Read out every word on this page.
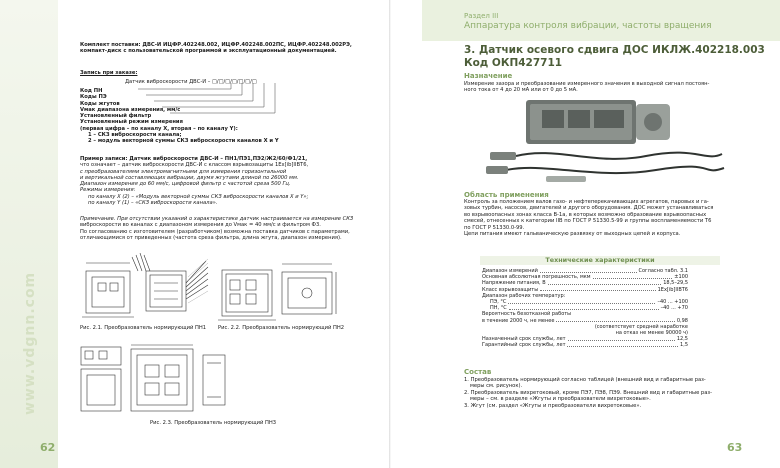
www.vdgnn.com
62
Комплект поставки: ДВС-И ИЦФР.402248.002, ИЦФР.402248.002ПС, ИЦФР.402248.002РЭ,
компакт-диск с пользовательской программой и эксплуатационный документацией.
Запись при заказе:
Датчик виброскорости ДВС-И – □/□/□/□/□/□/□
Код ПН
Коды ПЭ
Коды жгутов
Vмак диапазона измерения, мм/с
Установленный фильтр
Установленный режим измерения
(первая цифра – по каналу Х, вторая – по каналу Y):
1 – СКЗ виброскорости канала;
2 – модуль векторной суммы СКЗ виброскорости каналов Х и Y
Пример записи: Датчик виброскорости ДВС-И – ПН1/ПЭ1,ПЭ2/Ж2/60/Ф1/21,
что означает – датчик виброскорости ДВС-И с классом взрывозащиты 1Ex[ib]IIBT6,
с преобразователями электромагнитными для измерения горизонтальной
и вертикальной составляющих вибрации, двумя жгутами длиной по 26000 мм.
Диапазон измерения до 60 мм/с, цифровой фильтр с частотой среза 500 Гц.
Режимы измерения:
по каналу Х (2) – «Модуль векторной суммы СКЗ виброскорости каналов Х и Y»;
по каналу Y (1) – «СКЗ виброскорости канала».
Примечание. При отсутствии указаний о характеристике датчик настраивается на измерение СКЗ
виброскорости во каналах с диапазоном измерения до Vмак = 40 мм/с и фильтром Ф3.
По согласованию с изготовителем (разработчиком) возможна поставка датчиков с параметрами,
отличающимися от приведенных (частота среза фильтра, длина жгута, диапазон измерения).
Рис. 2.1. Преобразователь нормирующий ПН1 Рис. 2.2. Преобразователь нормирующий ПН2
Рис. 2.3. Преобразователь нормирующий ПН3
Раздел III
Аппаратура контроля вибрации, частоты вращения
3. Датчик осевого сдвига ДОС ИКЛЖ.402218.003
Код ОКП427711
Назначение
Измерение зазора и преобразование измеренного значения в выходной сигнал постоян-
ного тока от 4 до 20 мА или от 0 до 5 мА.
Область применения
Контроль за положением валов газо- и нефтеперекачивающих агрегатов, паровых и га-
зовых турбин, насосов, двигателей и другого оборудования. ДОС может устанавливаться
во взрывоопасных зонах класса В-1а, в которых возможно образование взрывоопасных
смесей, отнесенных к категории IIВ по ГОСТ Р 51330.5-99 и группы воспламеняемости Т6
по ГОСТ Р 51330.0-99.
Цепи питания имеют гальваническую развязку от выходных цепей и корпуса.
Технические характеристики
Диапазон измерений	Согласно табл. 3.1
Основная абсолютная погрешность, мкм	±100
Напряжение питания, В	18,5–29,5
Класс взрывозащиты	1Ex[ib]IIBT6
Диапазон рабочих температур:
ПЭ, °С	–40 ... +100
ПН, °С	–40 ... +70
Вероятность безотказной работы
в течение 2000 ч, не менее	0,98
(соответствует средней наработке
на отказ не менее 90000 ч)
Назначенный срок службы, лет	12,5
Гарантийный срок службы, лет	1,5
Состав
1. Преобразователь нормирующий согласно таблицей (внешний вид и габаритные раз-
меры см. рисунок).
2. Преобразователь вихретоковый, кроме ПЭ7, ПЭ8, ПЭ9. Внешний вид и габаритные раз-
меры – см. в разделе «Жгуты и преобразователи вихретоковые».
3. Жгут (см. раздел «Жгуты и преобразователи вихретоковые».
63
